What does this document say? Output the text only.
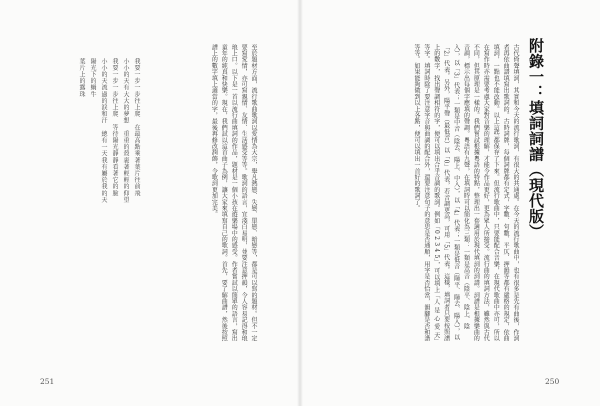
附錄一：填詞詞譜（現代版）
古代倚聲填詞，其實和今天的流行歌詞，有很大的共通處。在今天的流行歌曲中，也有很多是先有曲後，作詞者再依曲譜填寫出歌詞的。古時詞牌，每個詞牌都有定式，字數、句數、平仄、押韻等都有嚴格的規定，依曲填詞，一點也不能改動。以上這些都保存了下來。但流行歌曲中，只要能配合音樂，在現代歌曲中亦可，所以在寫作時亦需要考慮大家對音樂的理解，才能令作品更好，更為眾人所接受。流行曲的填詞方法，雖然與古代不同，但其原理是一樣的。我們嘗試根據粵語的特點，整理出一套適用於現代填詞的詞譜。詞譜是根據樂曲的音調，標示出每個字應填的聲調。粵語有九聲，在填詞時可以簡化為三類：一類是高音（陰平、陰上、陰入），以「3」代表；一類是中音（陰去、陽上、中入），以「4」代表；一類是低音（陽平、陽去、陽入），以「2」代表。另外，陽平聲（最低音）以「0」代表，若音調更高，可用「5」代表。這樣，填詞者只要按照譜上的數字，找出聲調相符的字，便可以填出合乎音調的歌詞。例如「0 2 3 4 5」，可以填上「人 是 心 愛 天」等字。填詞時除了要注意字音與曲調的配合外，還要注意句子的意思是否通順，用字是否恰當，韻腳是否和諧等等。如果能夠做到以上各點，便可以填出一首好的歌詞了。
至於題材方面，流行歌曲歌詞以愛情為大宗，舉凡熱戀、失戀、單戀、暗戀等，都是可以寫的題材。但不一定要寫愛情，亦可寫親情、友情、生活感受等等。歌詞的語言，宜淺白易明，並要注意押韻，令人容易記得和琅琅上口。以下是一首以流行曲填詞的作品，題材是一個小孩在遊樂場中的感受。作者嘗試以簡單的語言，寫出童年的純真和快樂。現在，我們試以這首曲子為例，讓大家來填寫自己的歌詞。首先，要了解曲譜，然後按照譜上的數字填上適當的字，最後再修改潤飾，令歌詞更加完美。
我要一步一步往上爬　在最高點乘著葉片往前飛
小小的天有大大的夢想　重重的殼裹著輕輕的仰望
我要一步一步往上爬　等待陽光靜靜看著它的臉
小小的天流過的淚和汗　總有一天我有屬於我的天
陽光下的蝸牛　　　　　　　　　　　　　　　　
葉片上的露珠　　　　　　　　　　　　　　　　
251	250
